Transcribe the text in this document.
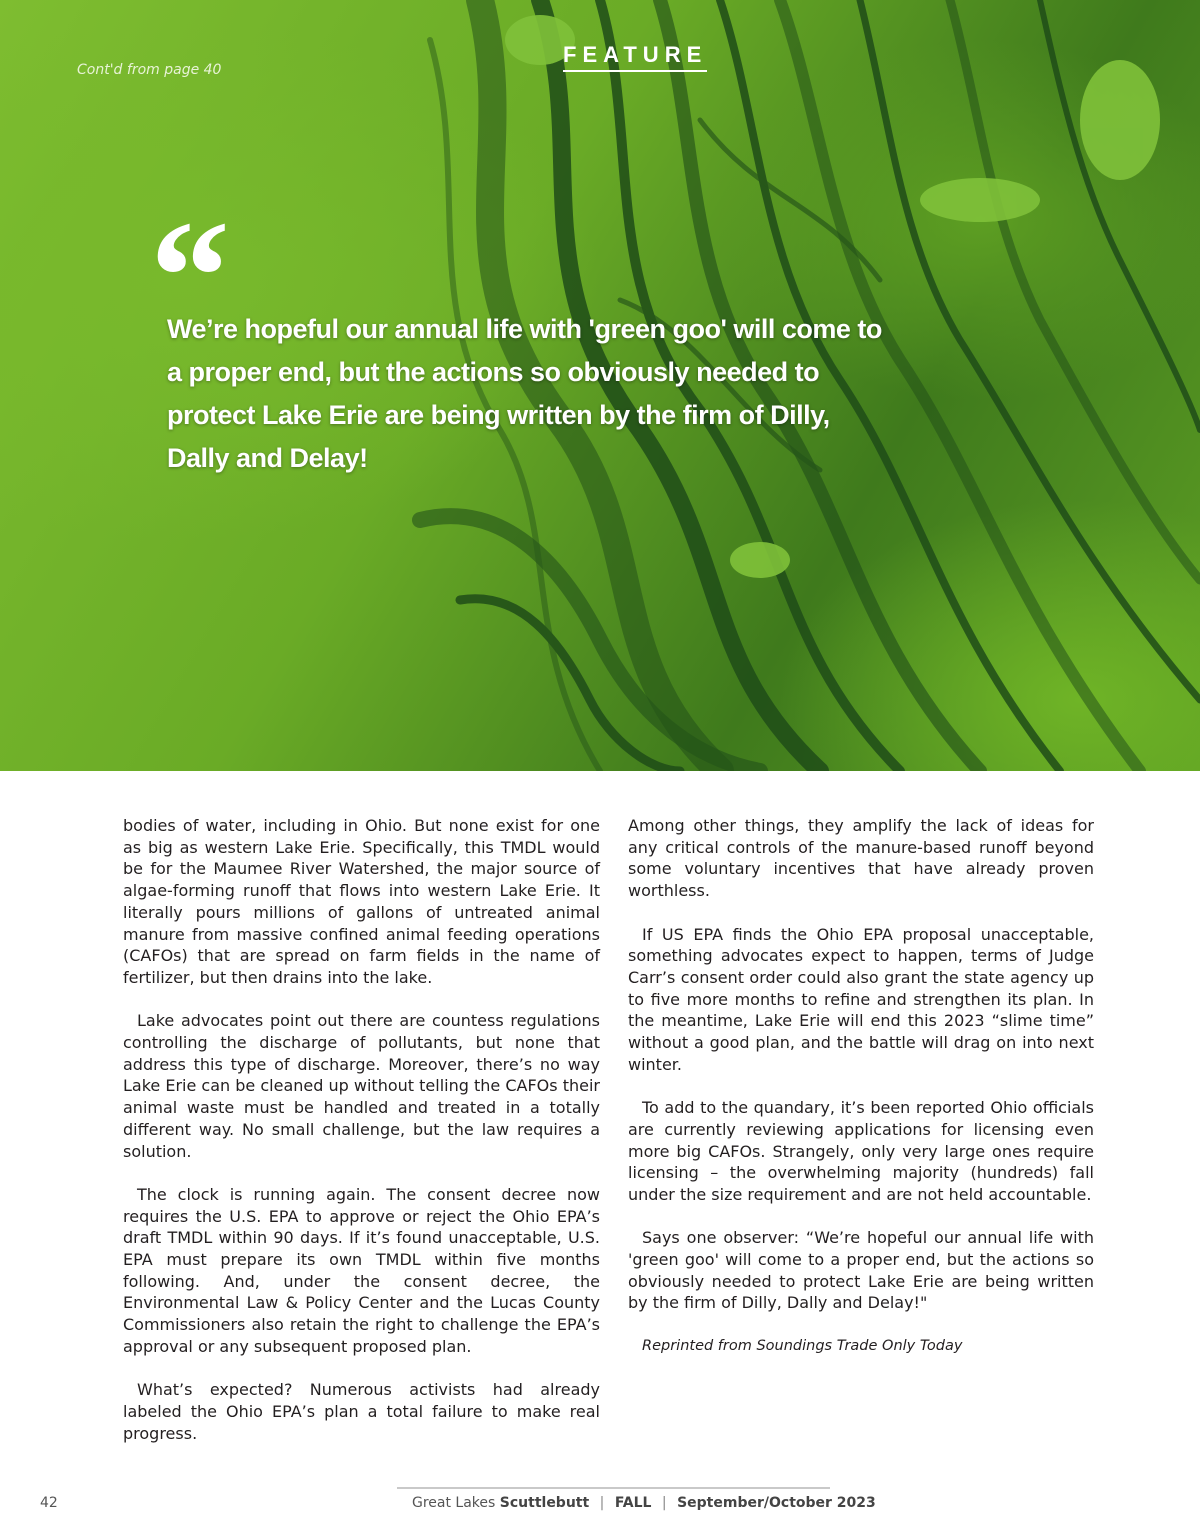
Cont'd from page 40
FEATURE
“

We’re hopeful our annual life with 'green goo' will come to a proper end, but the actions so obviously needed to protect Lake Erie are being written by the firm of Dilly, Dally and Delay!

bodies of water, including in Ohio. But none exist for one as big as western Lake Erie. Specifically, this TMDL would be for the Maumee River Watershed, the major source of algae-forming runoff that flows into western Lake Erie. It literally pours millions of gallons of untreated animal manure from massive confined animal feeding operations (CAFOs) that are spread on farm fields in the name of fertilizer, but then drains into the lake.

Lake advocates point out there are countess regulations controlling the discharge of pollutants, but none that address this type of discharge. Moreover, there’s no way Lake Erie can be cleaned up without telling the CAFOs their animal waste must be handled and treated in a totally different way. No small challenge, but the law requires a solution.

The clock is running again. The consent decree now requires the U.S. EPA to approve or reject the Ohio EPA’s draft TMDL within 90 days. If it’s found unacceptable, U.S. EPA must prepare its own TMDL within five months following. And, under the consent decree, the Environmental Law & Policy Center and the Lucas County Commissioners also retain the right to challenge the EPA’s approval or any subsequent proposed plan.

What’s expected? Numerous activists had already labeled the Ohio EPA’s plan a total failure to make real progress.

Among other things, they amplify the lack of ideas for any critical controls of the manure-based runoff beyond some voluntary incentives that have already proven worthless.

If US EPA finds the Ohio EPA proposal unacceptable, something advocates expect to happen, terms of Judge Carr’s consent order could also grant the state agency up to five more months to refine and strengthen its plan. In the meantime, Lake Erie will end this 2023 “slime time” without a good plan, and the battle will drag on into next winter.

To add to the quandary, it’s been reported Ohio officials are currently reviewing applications for licensing even more big CAFOs. Strangely, only very large ones require licensing – the overwhelming majority (hundreds) fall under the size requirement and are not held accountable.

Says one observer: “We’re hopeful our annual life with 'green goo' will come to a proper end, but the actions so obviously needed to protect Lake Erie are being written by the firm of Dilly, Dally and Delay!"

Reprinted from Soundings Trade Only Today

42	Great Lakes Scuttlebutt | FALL | September/October 2023
